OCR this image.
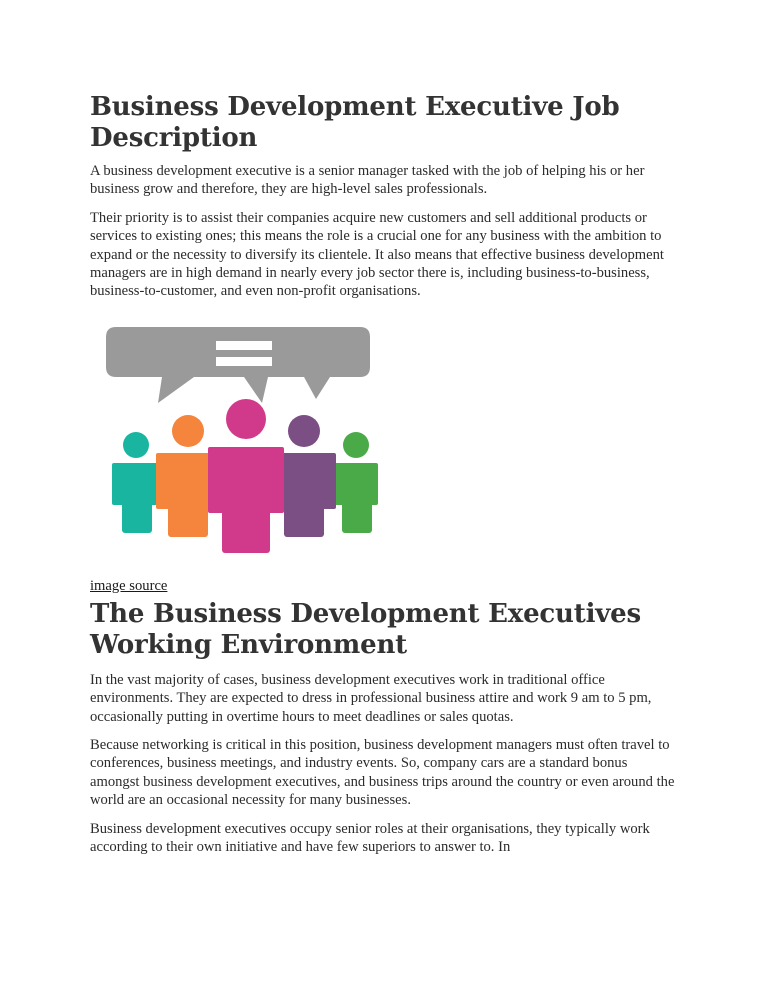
Business Development Executive Job Description

A business development executive is a senior manager tasked with the job of helping his or her business grow and therefore, they are high-level sales professionals.

Their priority is to assist their companies acquire new customers and sell additional products or services to existing ones; this means the role is a crucial one for any business with the ambition to expand or the necessity to diversify its clientele. It also means that effective business development managers are in high demand in nearly every job sector there is, including business-to-business, business-to-customer, and even non-profit organisations.

image source
The Business Development Executives Working Environment

In the vast majority of cases, business development executives work in traditional office environments. They are expected to dress in professional business attire and work 9 am to 5 pm, occasionally putting in overtime hours to meet deadlines or sales quotas.

Because networking is critical in this position, business development managers must often travel to conferences, business meetings, and industry events. So, company cars are a standard bonus amongst business development executives, and business trips around the country or even around the world are an occasional necessity for many businesses.

Business development executives occupy senior roles at their organisations, they typically work according to their own initiative and have few superiors to answer to. In
